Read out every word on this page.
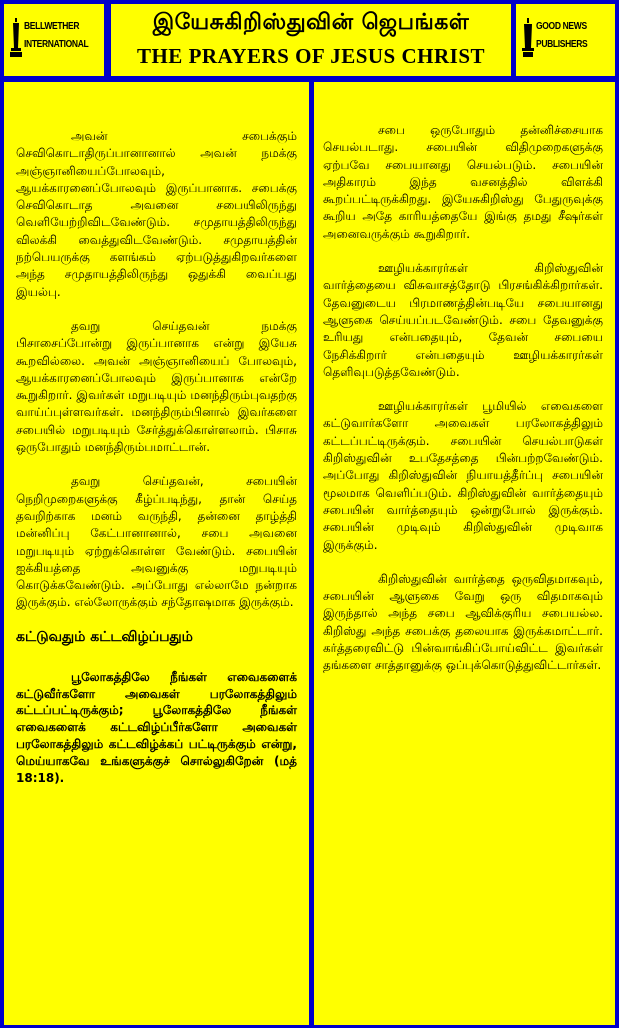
BELLWETHER
INTERNATIONAL
இயேசுகிறிஸ்துவின் ஜெபங்கள்
THE PRAYERS OF JESUS CHRIST
GOOD NEWS
PUBLISHERS

அவன் சபைக்கும் செவிகொடாதிருப்பானானால் அவன் நமக்கு அஞ்ஞானியைப்போலவும், ஆயக்காரனைப்போலவும் இருப்பானாக. சபைக்கு செவிகொடாத அவனை சபையிலிருந்து வெளியேற்றிவிடவேண்டும். சமுதாயத்திலிருந்து விலக்கி வைத்துவிடவேண்டும். சமுதாயத்தின் நற்பெயருக்கு களங்கம் ஏற்படுத்துகிறவர்களை அந்த சமுதாயத்திலிருந்து ஒதுக்கி வைப்பது இயல்பு.

தவறு செய்தவன் நமக்கு பிசாசைப்போன்று இருப்பானாக என்று இயேசு கூறவில்லை. அவன் அஞ்ஞானியைப் போலவும், ஆயக்காரனைப்போலவும் இருப்பானாக என்றே கூறுகிறார். இவர்கள் மறுபடியும் மனந்திரும்புவதற்கு வாய்ப்புள்ளவர்கள். மனந்திரும்பினால் இவர்களை சபையில் மறுபடியும் சேர்த்துக்கொள்ளலாம். பிசாசு ஒருபோதும் மனந்திரும்பமாட்டான்.

தவறு செய்தவன், சபையின் நெறிமுறைகளுக்கு கீழ்ப்படிந்து, தான் செய்த தவறிற்காக மனம் வருந்தி, தன்னை தாழ்த்தி மன்னிப்பு கேட்பானானால், சபை அவனை மறுபடியும் ஏற்றுக்கொள்ள வேண்டும். சபையின் ஐக்கியத்தை அவனுக்கு மறுபடியும் கொடுக்கவேண்டும். அப்போது எல்லாமே நன்றாக இருக்கும். எல்லோருக்கும் சந்தோஷமாக இருக்கும்.

கட்டுவதும் கட்டவிழ்ப்பதும்

பூலோகத்திலே நீங்கள் எவைகளைக் கட்டுவீர்களோ அவைகள் பரலோகத்திலும் கட்டப்பட்டிருக்கும்; பூலோகத்திலே நீங்கள் எவைகளைக் கட்டவிழ்ப்பீர்களோ அவைகள் பரலோகத்திலும் கட்டவிழ்க்கப் பட்டிருக்கும் என்று, மெய்யாகவே உங்களுக்குச் சொல்லுகிறேன் (மத் 18:18).

சபை ஒருபோதும் தன்னிச்சையாக செயல்படாது. சபையின் விதிமுறைகளுக்கு ஏற்பவே சபையானது செயல்படும். சபையின் அதிகாரம் இந்த வசனத்தில் விளக்கி கூறப்பட்டிருக்கிறது. இயேசுகிறிஸ்து பேதுருவுக்கு கூறிய அதே காரியத்தையே இங்கு தமது சீஷர்கள் அனைவருக்கும் கூறுகிறார்.

ஊழியக்காரர்கள் கிறிஸ்துவின் வார்த்தையை விசுவாசத்தோடு பிரசங்கிக்கிறார்கள். தேவனுடைய பிரமாணத்தின்படியே சபையானது ஆளுகை செய்யப்படவேண்டும். சபை தேவனுக்கு உரியது என்பதையும், தேவன் சபையை நேசிக்கிறார் என்பதையும் ஊழியக்காரர்கள் தெளிவுபடுத்தவேண்டும்.

ஊழியக்காரர்கள் பூமியில் எவைகளை கட்டுவார்களோ அவைகள் பரலோகத்திலும் கட்டப்பட்டிருக்கும். சபையின் செயல்பாடுகள் கிறிஸ்துவின் உபதேசத்தை பின்பற்றவேண்டும். அப்போது கிறிஸ்துவின் நியாயத்தீர்ப்பு சபையின் மூலமாக வெளிப்படும். கிறிஸ்துவின் வார்த்தையும் சபையின் வார்த்தையும் ஒன்றுபோல் இருக்கும். சபையின் முடிவும் கிறிஸ்துவின் முடிவாக இருக்கும்.

கிறிஸ்துவின் வார்த்தை ஒருவிதமாகவும், சபையின் ஆளுகை வேறு ஒரு விதமாகவும் இருந்தால் அந்த சபை ஆவிக்குரிய சபையல்ல. கிறிஸ்து அந்த சபைக்கு தலையாக இருக்கமாட்டார். கர்த்தரைவிட்டு பின்வாங்கிப்போய்விட்ட இவர்கள் தங்களை சாத்தானுக்கு ஒப்புக்கொடுத்துவிட்டார்கள்.
